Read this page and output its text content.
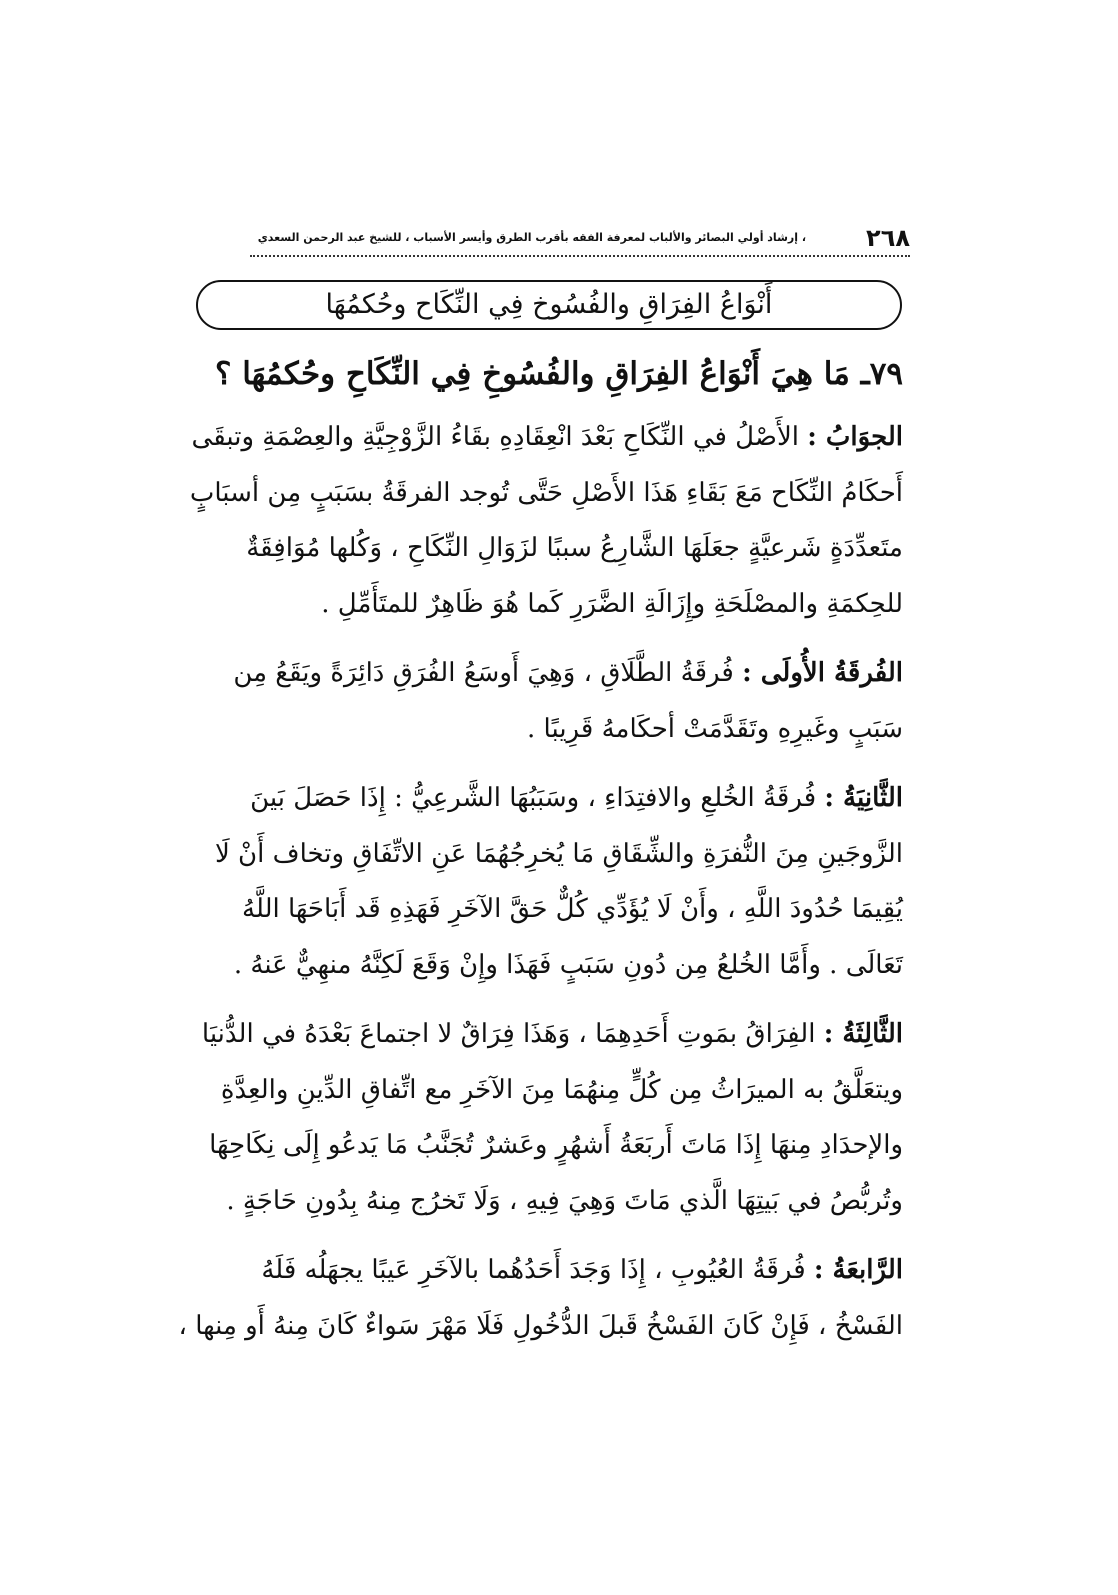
٢٦٨
، إرشاد أولي البصائر والألباب لمعرفة الفقه بأقرب الطرق وأيسر الأسباب ، للشيخ عبد الرحمن السعدي
أَنْوَاعُ الفِرَاقِ والفُسُوخ فِي النِّكَاح وحُكمُهَا
٧٩ـ مَا هِيَ أَنْوَاعُ الفِرَاقِ والفُسُوخِ فِي النِّكَاحِ وحُكمُهَا ؟
الجوَابُ : الأَصْلُ في النِّكَاحِ بَعْدَ انْعِقَادِهِ بقَاءُ الزَّوْجِيَّةِ والعِصْمَةِ وتبقَى
أَحكَامُ النِّكَاح مَعَ بَقَاءِ هَذَا الأَصْلِ حَتَّى تُوجد الفرقَةُ بسَبَبٍ مِن أسبَابٍ
متَعدِّدَةٍ شَرعيَّةٍ جعَلَهَا الشَّارِعُ سببًا لزَوَالِ النِّكَاحِ ، وَكُلها مُوَافِقَةٌ
للحِكمَةِ والمصْلَحَةِ وإِزَالَةِ الضَّرَرِ كَما هُوَ ظَاهِرٌ للمتَأَمِّلِ .
الفُرقَةُ الأُولَى : فُرقَةُ الطَّلَاقِ ، وَهِيَ أَوسَعُ الفُرَقِ دَائِرَةً ويَقَعُ مِن
سَبَبٍ وغَيرِهِ وتَقَدَّمَتْ أحكَامهُ قَرِيبًا .
الثَّانِيَةُ : فُرقَةُ الخُلعِ والافتِدَاءِ ، وسَبَبُهَا الشَّرعِيُّ : إِذَا حَصَلَ بَينَ
الزَّوجَينِ مِنَ النُّفرَةِ والشِّقَاقِ مَا يُخرِجُهُمَا عَنِ الاتِّفَاقِ وتخاف أَنْ لَا
يُقِيمَا حُدُودَ اللَّهِ ، وأَنْ لَا يُؤَدِّي كُلٌّ حَقَّ الآخَرِ فَهَذِهِ قَد أَبَاحَهَا اللَّهُ
تَعَالَى . وأَمَّا الخُلعُ مِن دُونِ سَبَبٍ فَهَذَا وإِنْ وَقَعَ لَكِنَّهُ منهِيٌّ عَنهُ .
الثَّالِثَةُ : الفِرَاقُ بمَوتِ أَحَدِهِمَا ، وَهَذَا فِرَاقٌ لا اجتماعَ بَعْدَهُ في الدُّنيَا
ويتعَلَّقُ به الميرَاثُ مِن كُلٍّ مِنهُمَا مِنَ الآخَرِ مع اتِّفاقِ الدِّينِ والعِدَّةِ
والإحدَادِ مِنهَا إِذَا مَاتَ أَربَعَةُ أَشهُرٍ وعَشرٌ تُجَنَّبُ مَا يَدعُو إِلَى نِكَاحِهَا
وتُربُّصُ في بَيتِهَا الَّذي مَاتَ وَهِيَ فِيهِ ، وَلَا تَخرُج مِنهُ بِدُونِ حَاجَةٍ .
الرَّابعَةُ : فُرقَةُ العُيُوبِ ، إِذَا وَجَدَ أَحَدُهُما بالآخَرِ عَيبًا يجهَلُه فَلَهُ
الفَسْخُ ، فَإِنْ كَانَ الفَسْخُ قَبلَ الدُّخُولِ فَلَا مَهْرَ سَواءٌ كَانَ مِنهُ أَو مِنها ،
